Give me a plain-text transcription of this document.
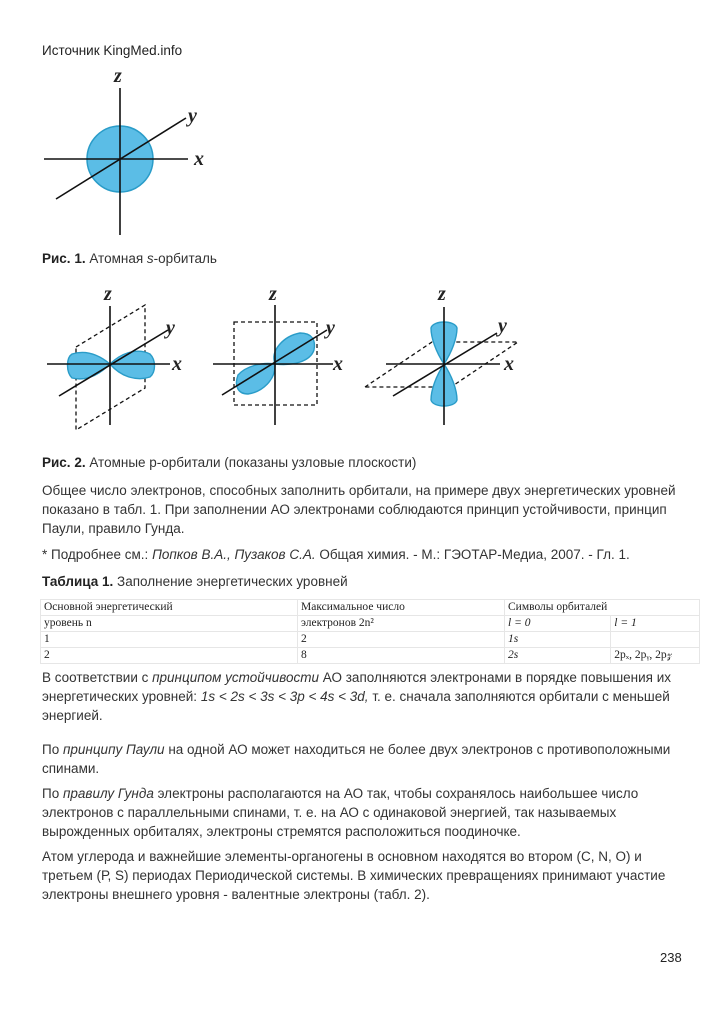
Источник KingMed.info
z
y
x
Рис. 1. Атомная s-орбиталь
z
y
x
z
y
x
z
y
x
Рис. 2. Атомные р-орбитали (показаны узловые плоскости)
Общее число электронов, способных заполнить орбитали, на примере двух энергетических уровней показано в табл. 1. При заполнении АО электронами соблюдаются принцип устойчивости, принцип Паули, правило Гунда.
* Подробнее см.: Попков В.А., Пузаков С.А. Общая химия. - М.: ГЭОТАР-Медиа, 2007. - Гл. 1.
Таблица 1. Заполнение энергетических уровней
Основной энергетический	Максимальное число	Символы орбиталей	
уровень n	электронов 2n²	l = 0	l = 1
1	2	1s	
2	8	2s	2pₓ, 2pᵧ, 2p𝓏
В соответствии с принципом устойчивости АО заполняются электронами в порядке повышения их энергетических уровней: 1s < 2s < 3s < 3p < 4s < 3d, т. е. сначала заполняются орбитали с меньшей энергией.
По принципу Паули на одной АО может находиться не более двух электронов с противоположными спинами.
По правилу Гунда электроны располагаются на АО так, чтобы сохранялось наибольшее число электронов с параллельными спинами, т. е. на АО с одинаковой энергией, так называемых вырожденных орбиталях, электроны стремятся расположиться поодиночке.
Атом углерода и важнейшие элементы-органогены в основном находятся во втором (С, N, О) и третьем (Р, S) периодах Периодической системы. В химических превращениях принимают участие электроны внешнего уровня - валентные электроны (табл. 2).
238
